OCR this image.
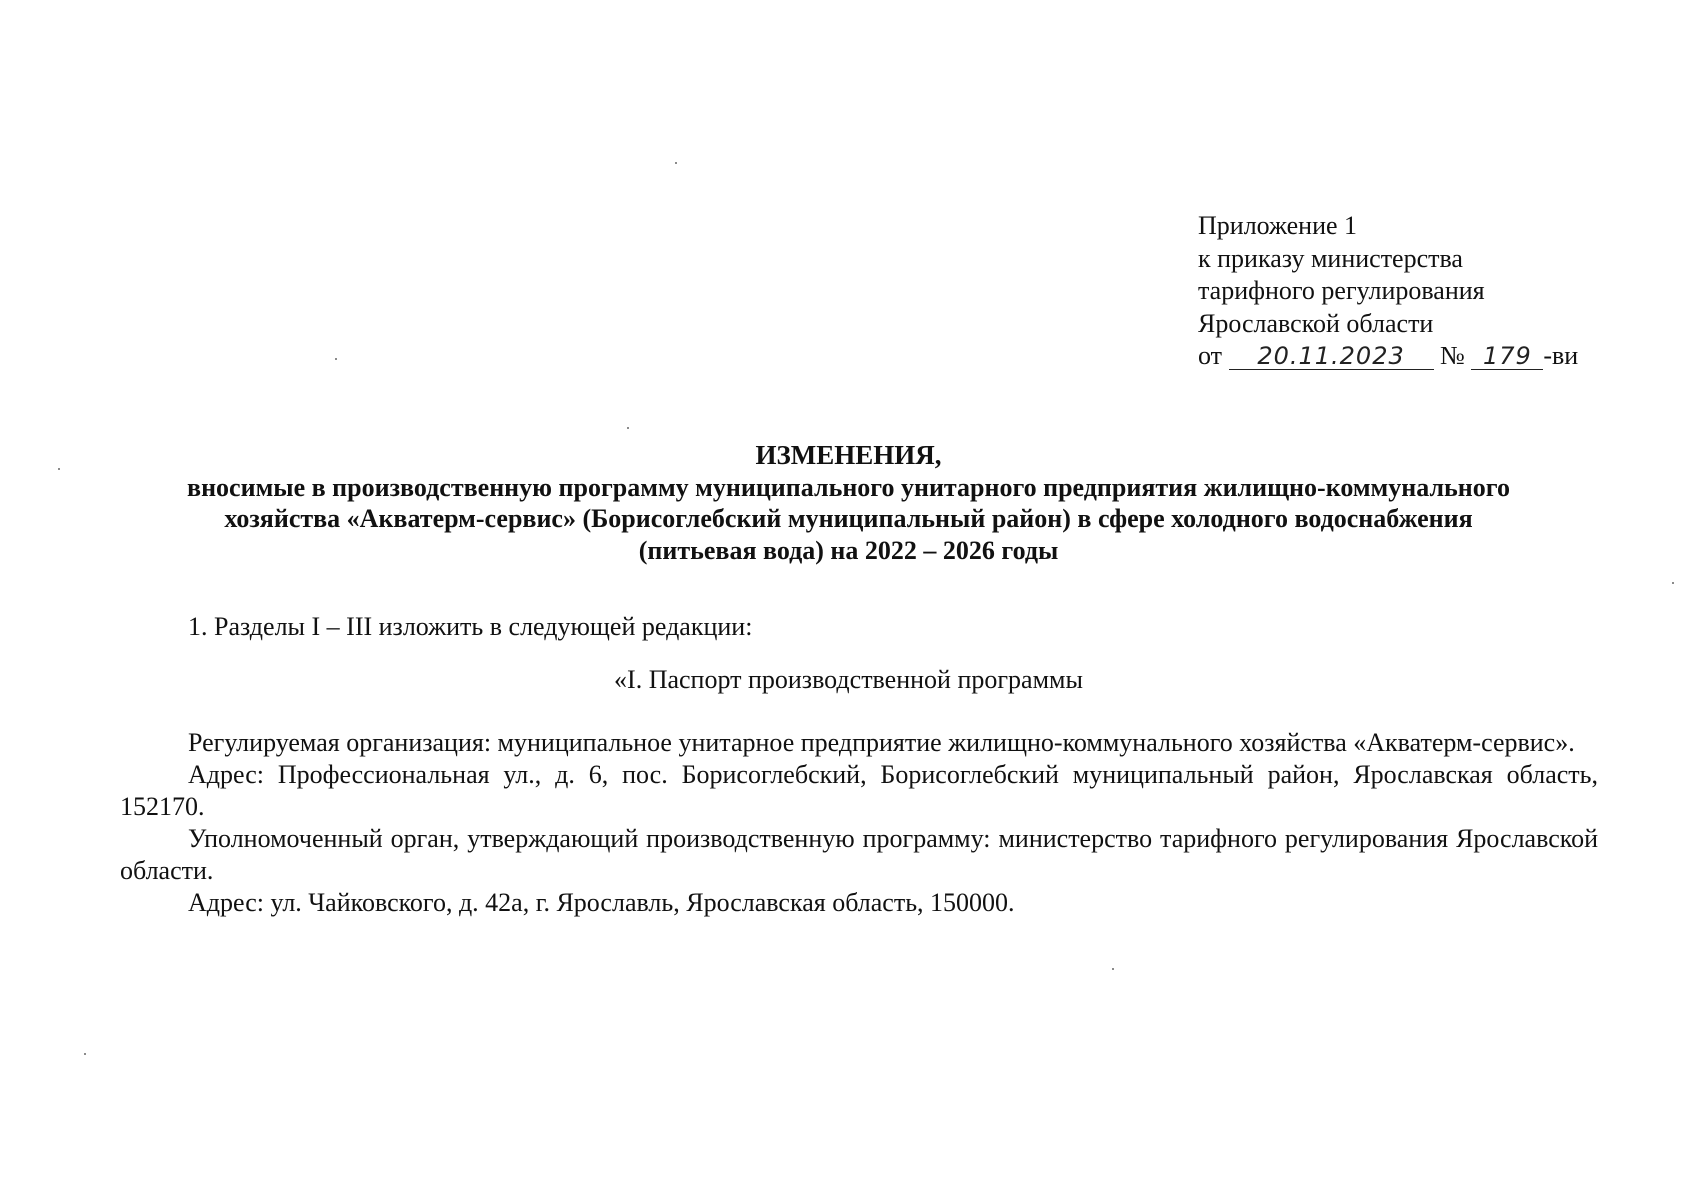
Приложение 1
к приказу министерства
тарифного регулирования
Ярославской области
от 20.11.2023 № 179 -ви
ИЗМЕНЕНИЯ,
вносимые в производственную программу муниципального унитарного предприятия жилищно-коммунального
хозяйства «Акватерм-сервис» (Борисоглебский муниципальный район) в сфере холодного водоснабжения
(питьевая вода) на 2022 – 2026 годы
1. Разделы I – III изложить в следующей редакции:
«I. Паспорт производственной программы

Регулируемая организация: муниципальное унитарное предприятие жилищно-коммунального хозяйства «Акватерм-сервис».

Адрес: Профессиональная ул., д. 6, пос. Борисоглебский, Борисоглебский муниципальный район, Ярославская область, 152170.

Уполномоченный орган, утверждающий производственную программу: министерство тарифного регулирования Ярославской области.

Адрес: ул. Чайковского, д. 42а, г. Ярославль, Ярославская область, 150000.
